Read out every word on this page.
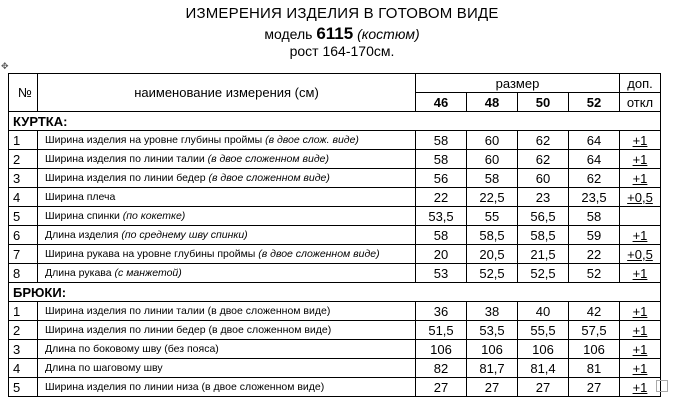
ИЗМЕРЕНИЯ ИЗДЕЛИЯ В ГОТОВОМ ВИДЕ
модель 6115 (костюм)
рост 164-170см.
✥
№	наименование измерения (см)	размер				доп.
		46	48	50	52	откл
КУРТКА:						
1	Ширина изделия на уровне глубины проймы (в двое слож. виде)	58	60	62	64	+1
2	Ширина изделия по линии талии (в двое сложенном виде)	58	60	62	64	+1
3	Ширина изделия по линии бедер (в двое сложенном виде)	56	58	60	62	+1
4	Ширина плеча	22	22,5	23	23,5	+0,5
5	Ширина спинки (по кокетке)	53,5	55	56,5	58	
6	Длина изделия (по среднему шву спинки)	58	58,5	58,5	59	+1
7	Ширина рукава на уровне глубины проймы (в двое сложенном виде)	20	20,5	21,5	22	+0,5
8	Длина рукава (с манжетой)	53	52,5	52,5	52	+1
БРЮКИ:						
1	Ширина изделия по линии талии (в двое сложенном виде)	36	38	40	42	+1
2	Ширина изделия по линии бедер (в двое сложенном виде)	51,5	53,5	55,5	57,5	+1
3	Длина по боковому шву (без пояса)	106	106	106	106	+1
4	Длина по шаговому шву	82	81,7	81,4	81	+1
5	Ширина изделия по линии низа (в двое сложенном виде)	27	27	27	27	+1
